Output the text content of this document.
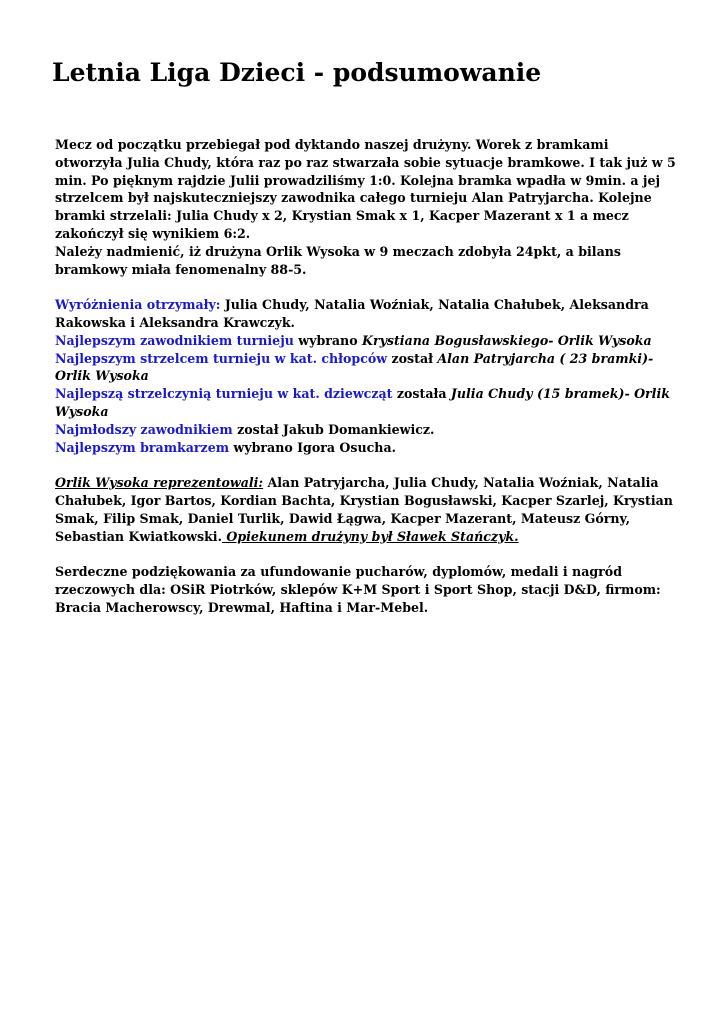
Letnia Liga Dzieci - podsumowanie

Mecz od początku przebiegał pod dyktando naszej drużyny. Worek z bramkami otworzyła Julia Chudy, która raz po raz stwarzała sobie sytuacje bramkowe. I tak już w 5 min. Po pięknym rajdzie Julii prowadziliśmy 1:0. Kolejna bramka wpadła w 9min. a jej strzelcem był najskuteczniejszy zawodnika całego turnieju Alan Patryjarcha. Kolejne bramki strzelali: Julia Chudy x 2, Krystian Smak x 1, Kacper Mazerant x 1 a mecz zakończył się wynikiem 6:2.

Należy nadmienić, iż drużyna Orlik Wysoka w 9 meczach zdobyła 24pkt, a bilans bramkowy miała fenomenalny 88-5.

Wyróżnienia otrzymały: Julia Chudy, Natalia Woźniak, Natalia Chałubek, Aleksandra Rakowska i Aleksandra Krawczyk.

Najlepszym zawodnikiem turnieju wybrano Krystiana Bogusławskiego- Orlik Wysoka

Najlepszym strzelcem turnieju w kat. chłopców został Alan Patryjarcha ( 23 bramki)-Orlik Wysoka

Najlepszą strzelczynią turnieju w kat. dziewcząt została Julia Chudy (15 bramek)- Orlik Wysoka

Najmłodszy zawodnikiem został Jakub Domankiewicz.

Najlepszym bramkarzem wybrano Igora Osucha.

Orlik Wysoka reprezentowali: Alan Patryjarcha, Julia Chudy, Natalia Woźniak, Natalia Chałubek, Igor Bartos, Kordian Bachta, Krystian Bogusławski, Kacper Szarlej, Krystian Smak, Filip Smak, Daniel Turlik, Dawid Łągwa, Kacper Mazerant, Mateusz Górny, Sebastian Kwiatkowski. Opiekunem drużyny był Sławek Stańczyk.

Serdeczne podziękowania za ufundowanie pucharów, dyplomów, medali i nagród rzeczowych dla: OSiR Piotrków, sklepów K+M Sport i Sport Shop, stacji D&D, firmom: Bracia Macherowscy, Drewmal, Haftina i Mar-Mebel.
